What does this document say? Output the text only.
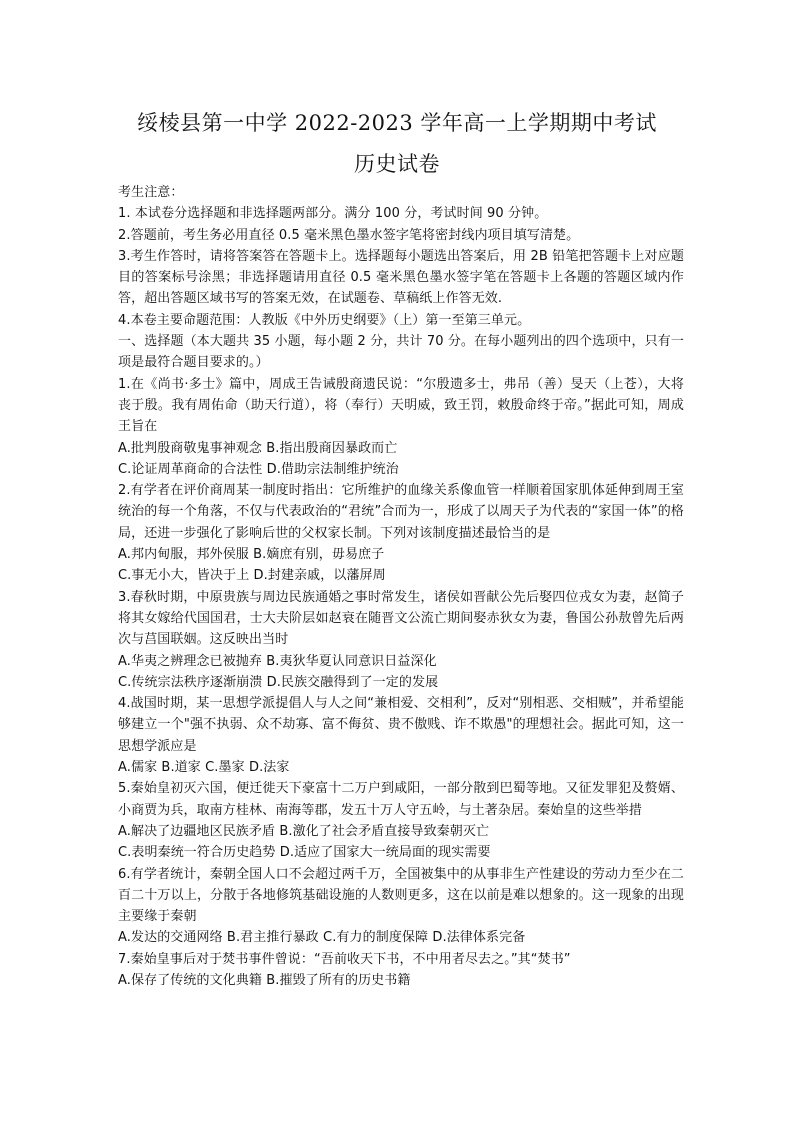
绥棱县第一中学 2022-2023 学年高一上学期期中考试
历史试卷

考生注意：

1. 本试卷分选择题和非选择题两部分。满分 100 分，考试时间 90 分钟。

2.答题前，考生务必用直径 0.5 毫米黑色墨水签字笔将密封线内项目填写清楚。

3.考生作答时，请将答案答在答题卡上。选择题每小题选出答案后，用 2B 铅笔把答题卡上对应题目的答案标号涂黑；非选择题请用直径 0.5 毫米黑色墨水签字笔在答题卡上各题的答题区域内作答，超出答题区域书写的答案无效，在试题卷、草稿纸上作答无效.

4.本卷主要命题范围：人教版《中外历史纲要》（上）第一至第三单元。

一、选择题（本大题共 35 小题，每小题 2 分，共计 70 分。在每小题列出的四个选项中，只有一项是最符合题目要求的。）

1.在《尚书·多士》篇中，周成王告诫殷商遗民说：“尔殷遗多士，弗吊（善）旻天（上苍），大将丧于殷。我有周佑命（助天行道），将（奉行）天明威，致王罚，敕殷命终于帝。”据此可知，周成王旨在

A.批判殷商敬鬼事神观念 B.指出殷商因暴政而亡

C.论证周革商命的合法性 D.借助宗法制维护统治

2.有学者在评价商周某一制度时指出：它所维护的血缘关系像血管一样顺着国家肌体延伸到周王室统治的每一个角落，不仅与代表政治的“君统”合而为一，形成了以周天子为代表的“家国一体”的格局，还进一步强化了影响后世的父权家长制。下列对该制度描述最恰当的是

A.邦内甸服，邦外侯服 B.嫡庶有别，毋易庶子

C.事无小大，皆决于上 D.封建亲戚，以藩屏周

3.春秋时期，中原贵族与周边民族通婚之事时常发生，诸侯如晋献公先后娶四位戎女为妻，赵简子将其女嫁给代国国君，士大夫阶层如赵衰在随晋文公流亡期间娶赤狄女为妻，鲁国公孙敖曾先后两次与莒国联姻。这反映出当时

A.华夷之辨理念已被抛弃 B.夷狄华夏认同意识日益深化

C.传统宗法秩序逐渐崩溃 D.民族交融得到了一定的发展

4.战国时期，某一思想学派提倡人与人之间“兼相爱、交相利”，反对“别相恶、交相贼”，并希望能够建立一个"强不执弱、众不劫寡、富不侮贫、贵不傲贱、诈不欺愚"的理想社会。据此可知，这一思想学派应是

A.儒家 B.道家 C.墨家 D.法家

5.秦始皇初灭六国，便迁徙天下豪富十二万户到咸阳，一部分散到巴蜀等地。又征发罪犯及赘婿、小商贾为兵，取南方桂林、南海等郡，发五十万人守五岭，与土著杂居。秦始皇的这些举措

A.解决了边疆地区民族矛盾 B.激化了社会矛盾直接导致秦朝灭亡

C.表明秦统一符合历史趋势 D.适应了国家大一统局面的现实需要

6.有学者统计，秦朝全国人口不会超过两千万，全国被集中的从事非生产性建设的劳动力至少在二百二十万以上，分散于各地修筑基础设施的人数则更多，这在以前是难以想象的。这一现象的出现主要缘于秦朝

A.发达的交通网络 B.君主推行暴政 C.有力的制度保障 D.法律体系完备

7.秦始皇事后对于焚书事件曾说：“吾前收天下书，不中用者尽去之。”其“焚书”

A.保存了传统的文化典籍 B.摧毁了所有的历史书籍
